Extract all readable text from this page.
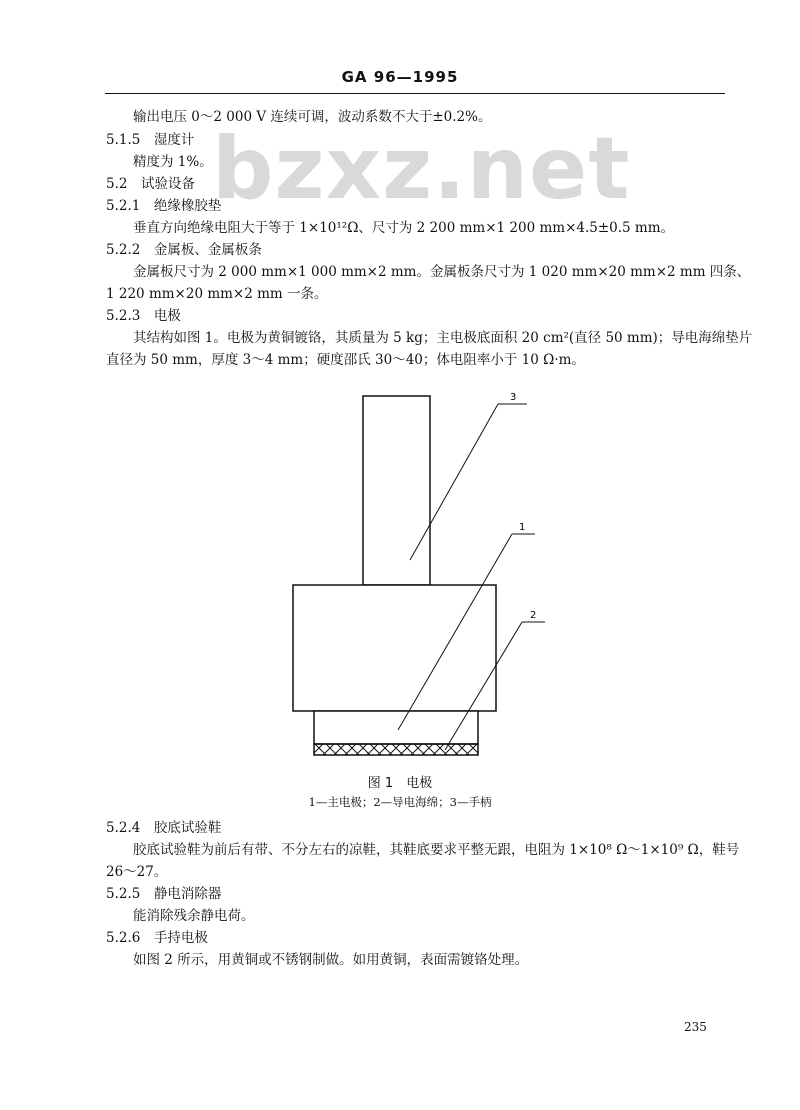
GA 96—1995
bzxz.net
输出电压 0～2 000 V 连续可调，波动系数不大于±0.2%。
5.1.5　湿度计
精度为 1%。
5.2　试验设备
5.2.1　绝缘橡胶垫
垂直方向绝缘电阻大于等于 1×10¹²Ω、尺寸为 2 200 mm×1 200 mm×4.5±0.5 mm。
5.2.2　金属板、金属板条
金属板尺寸为 2 000 mm×1 000 mm×2 mm。金属板条尺寸为 1 020 mm×20 mm×2 mm 四条、
1 220 mm×20 mm×2 mm 一条。
5.2.3　电极
其结构如图 1。电极为黄铜镀铬，其质量为 5 kg；主电极底面积 20 cm²(直径 50 mm)；导电海绵垫片
直径为 50 mm，厚度 3～4 mm；硬度邵氏 30～40；体电阻率小于 10 Ω·m。
3
1
2
图 1　电极
1—主电极；2—导电海绵；3—手柄
5.2.4　胶底试验鞋
胶底试验鞋为前后有带、不分左右的凉鞋，其鞋底要求平整无跟，电阻为 1×10⁸ Ω～1×10⁹ Ω，鞋号
26～27。
5.2.5　静电消除器
能消除残余静电荷。
5.2.6　手持电极
如图 2 所示，用黄铜或不锈钢制做。如用黄铜，表面需镀铬处理。
235
